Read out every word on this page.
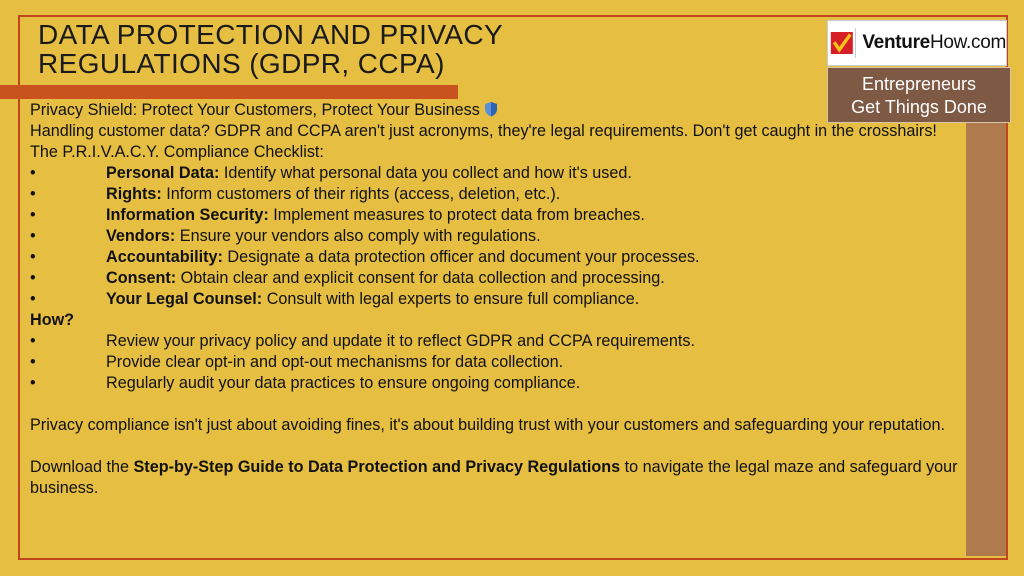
DATA PROTECTION AND PRIVACY
REGULATIONS (GDPR, CCPA)
VentureHow.com
Entrepreneurs
Get Things Done

Privacy Shield: Protect Your Customers, Protect Your Business

Handling customer data? GDPR and CCPA aren't just acronyms, they're legal requirements. Don't get caught in the crosshairs!

The P.R.I.V.A.C.Y. Compliance Checklist:

•	Personal Data: Identify what personal data you collect and how it's used.
•	Rights: Inform customers of their rights (access, deletion, etc.).
•	Information Security: Implement measures to protect data from breaches.
•	Vendors: Ensure your vendors also comply with regulations.
•	Accountability: Designate a data protection officer and document your processes.
•	Consent: Obtain clear and explicit consent for data collection and processing.
•	Your Legal Counsel: Consult with legal experts to ensure full compliance.

How?

•	Review your privacy policy and update it to reflect GDPR and CCPA requirements.
•	Provide clear opt-in and opt-out mechanisms for data collection.
•	Regularly audit your data practices to ensure ongoing compliance.

Privacy compliance isn't just about avoiding fines, it's about building trust with your customers and safeguarding your reputation.

Download the Step-by-Step Guide to Data Protection and Privacy Regulations to navigate the legal maze and safeguard your business.
